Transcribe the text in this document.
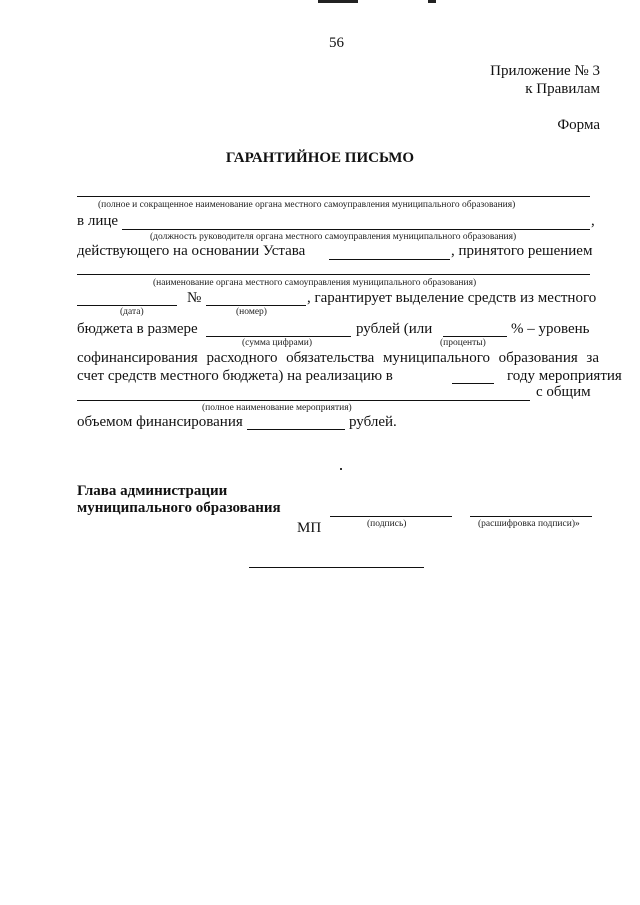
56
Приложение № 3
к Правилам
Форма
ГАРАНТИЙНОЕ ПИСЬМО
(полное и сокращенное наименование органа местного самоуправления муниципального образования)
в лице	,
(должность руководителя органа местного самоуправления муниципального образования)
действующего на основании Устава	, принятого решением
(наименование органа местного самоуправления муниципального образования)
№	, гарантирует выделение средств из местного
(дата)	(номер)
бюджета в размере	рублей (или	% – уровень
(сумма цифрами)	(проценты)
софинансирования расходного обязательства муниципального образования за
счет средств местного бюджета) на реализацию в	году мероприятия
с общим
(полное наименование мероприятия)
объемом финансирования	рублей.
Глава администрации
муниципального образования
МП	(подпись)	(расшифровка подписи)»
